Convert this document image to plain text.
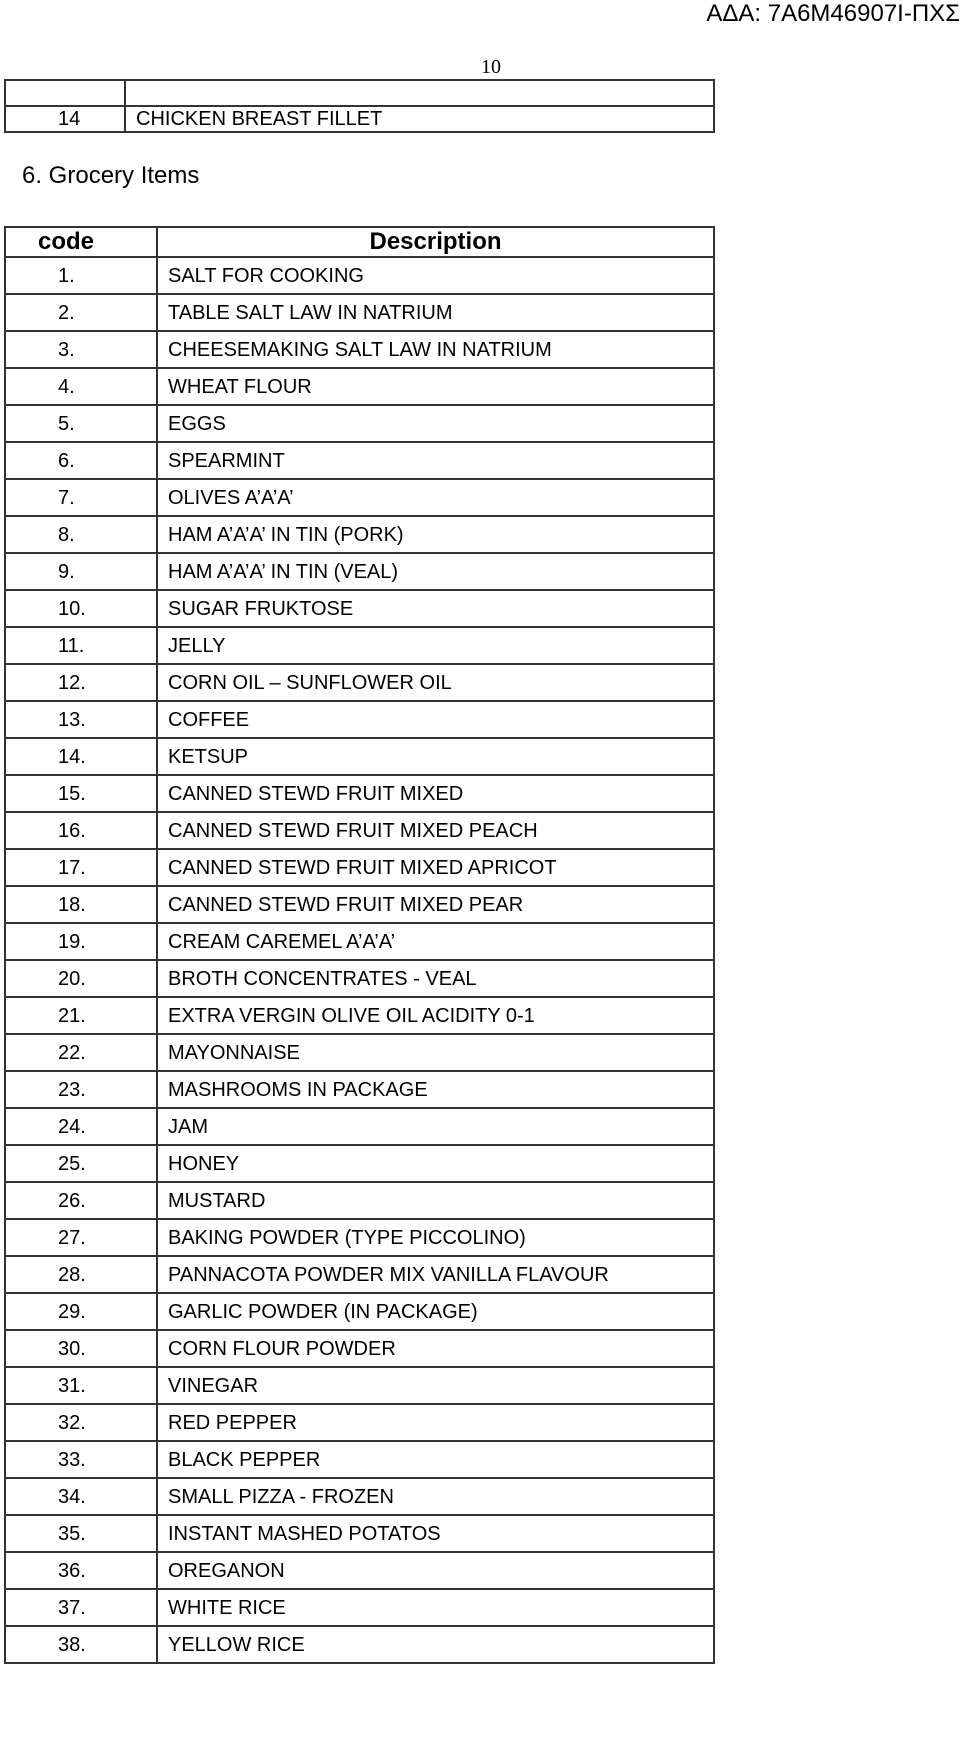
ΑΔΑ: 7Α6Μ46907Ι-ΠΧΣ

10

14	CHICKEN BREAST FILLET
6. Grocery Items
code	Description
1.	SALT FOR COOKING
2.	TABLE SALT LAW IN NATRIUM
3.	CHEESEMAKING SALT LAW IN NATRIUM
4.	WHEAT FLOUR
5.	EGGS
6.	SPEARMINT
7.	OLIVES A’A’A’
8.	HAM A’A’A’ IN TIN (PORK)
9.	HAM A’A’A’ IN TIN (VEAL)
10.	SUGAR FRUKTOSE
11.	JELLY
12.	CORN OIL – SUNFLOWER OIL
13.	COFFEE
14.	KETSUP
15.	CANNED STEWD FRUIT MIXED
16.	CANNED STEWD FRUIT MIXED PEACH
17.	CANNED STEWD FRUIT MIXED APRICOT
18.	CANNED STEWD FRUIT MIXED PEAR
19.	CREAM CAREMEL A’A’A’
20.	BROTH CONCENTRATES - VEAL
21.	EXTRA VERGIN OLIVE OIL ACIDITY 0-1
22.	MAYONNAISE
23.	MASHROOMS IN PACKAGE
24.	JAM
25.	HONEY
26.	MUSTARD
27.	BAKING POWDER (TYPE PICCOLINO)
28.	PANNACOTA POWDER MIX VANILLA FLAVOUR
29.	GARLIC POWDER (IN PACKAGE)
30.	CORN FLOUR POWDER
31.	VINEGAR
32.	RED PEPPER
33.	BLACK PEPPER
34.	SMALL PIZZA - FROZEN
35.	INSTANT MASHED POTATOS
36.	OREGANON
37.	WHITE RICE
38.	YELLOW RICE
